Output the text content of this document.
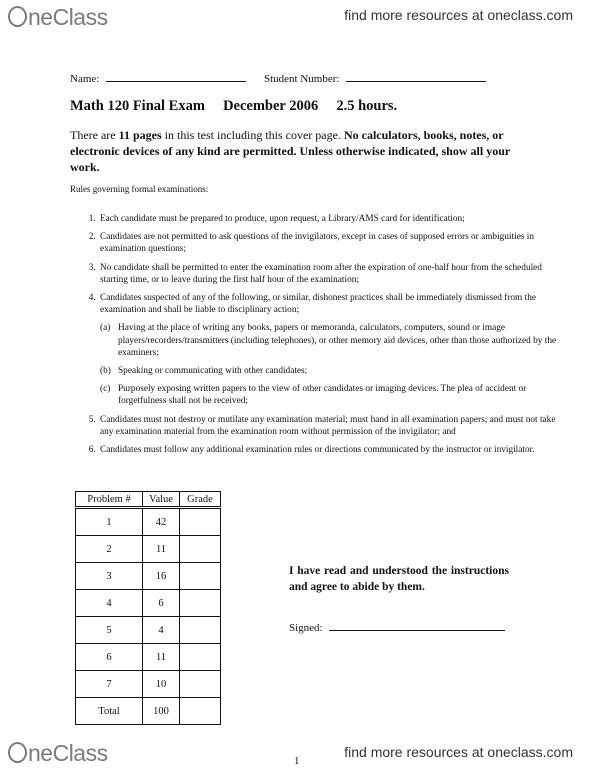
neClass	find more resources at oneclass.com
Name:	Student Number:
Math 120 Final Exam December 2006 2.5 hours.
There are 11 pages in this test including this cover page. No calculators, books, notes, or electronic devices of any kind are permitted. Unless otherwise indicated, show all your work.
Rules governing formal examinations:
1. Each candidate must be prepared to produce, upon request, a Library/AMS card for identification;
2. Candidates are not permitted to ask questions of the invigilators, except in cases of supposed errors or ambiguities in examination questions;
3. No candidate shall be permitted to enter the examination room after the expiration of one-half hour from the scheduled starting time, or to leave during the first half hour of the examination;
4. Candidates suspected of any of the following, or similar, dishonest practices shall be immediately dismissed from the examination and shall be liable to disciplinary action;
(a) Having at the place of writing any books, papers or memoranda, calculators, computers, sound or image players/recorders/transmitters (including telephones), or other memory aid devices, other than those authorized by the examiners;
(b) Speaking or communicating with other candidates;
(c) Purposely exposing written papers to the view of other candidates or imaging devices. The plea of accident or forgetfulness shall not be received;
5. Candidates must not destroy or mutilate any examination material; must hand in all examination papers; and must not take any examination material from the examination room without permission of the invigilator; and
6. Candidates must follow any additional examination rules or directions communicated by the instructor or invigilator.
Problem #	Value	Grade
1	42	
2	11	
3	16	
4	6	
5	4	
6	11	
7	10	
Total	100	
I have read and understood the instructions and agree to abide by them.
Signed:
1
neClass	find more resources at oneclass.com
